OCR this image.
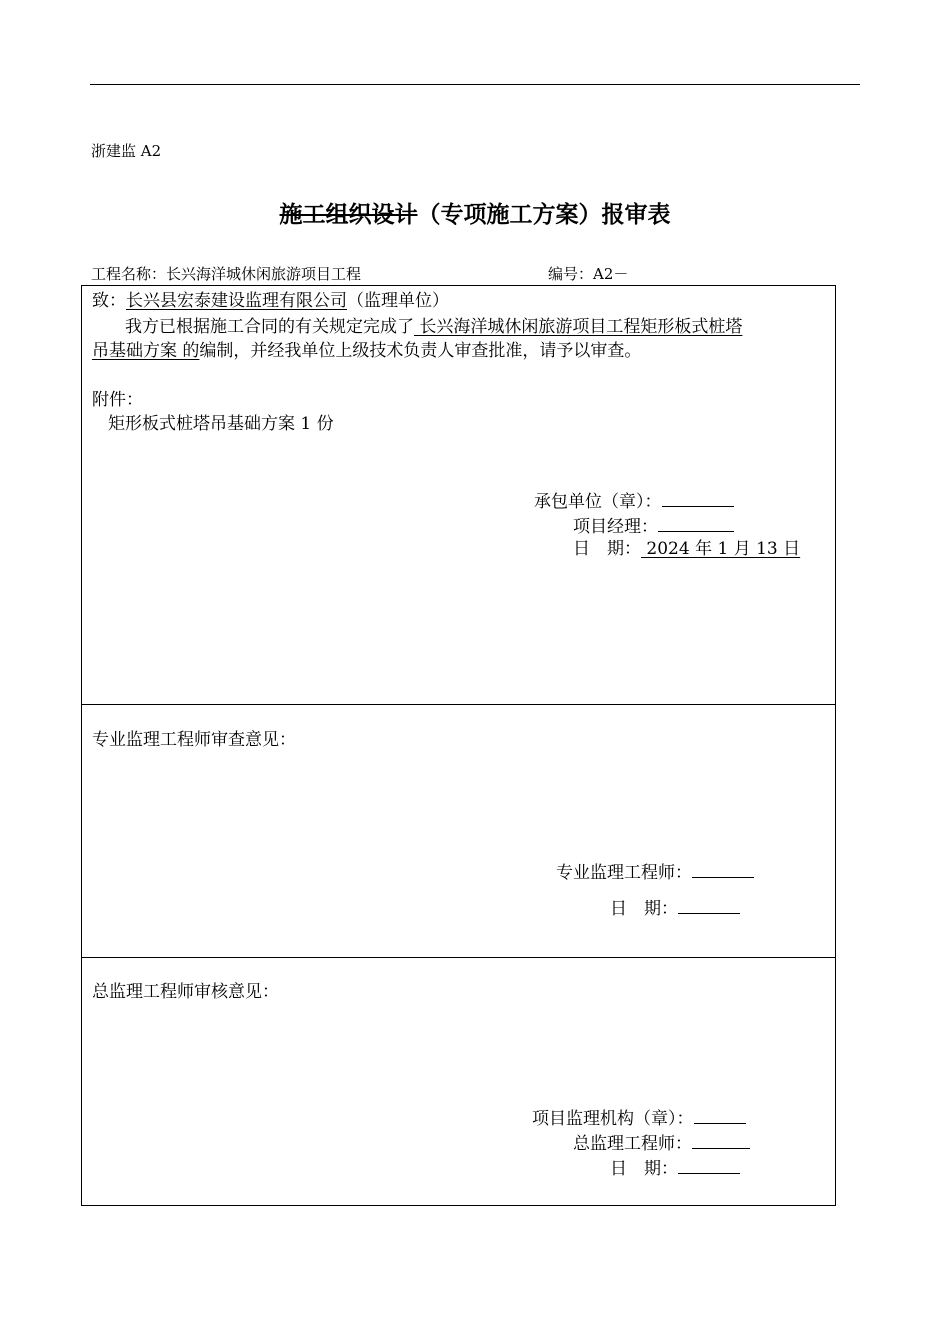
浙建监 A2
施工组织设计（专项施工方案）报审表
工程名称：长兴海洋城休闲旅游项目工程	编号：A2－
致：长兴县宏泰建设监理有限公司（监理单位）
我方已根据施工合同的有关规定完成了 长兴海洋城休闲旅游项目工程矩形板式桩塔
吊基础方案 的编制，并经我单位上级技术负责人审查批准，请予以审查。
附件：
矩形板式桩塔吊基础方案 1 份
承包单位（章）：
项目经理：
日　期： 2024 年 1 月 13 日
专业监理工程师审查意见：
专业监理工程师：
日　期：
总监理工程师审核意见：
项目监理机构（章）：
总监理工程师：
日　期：
